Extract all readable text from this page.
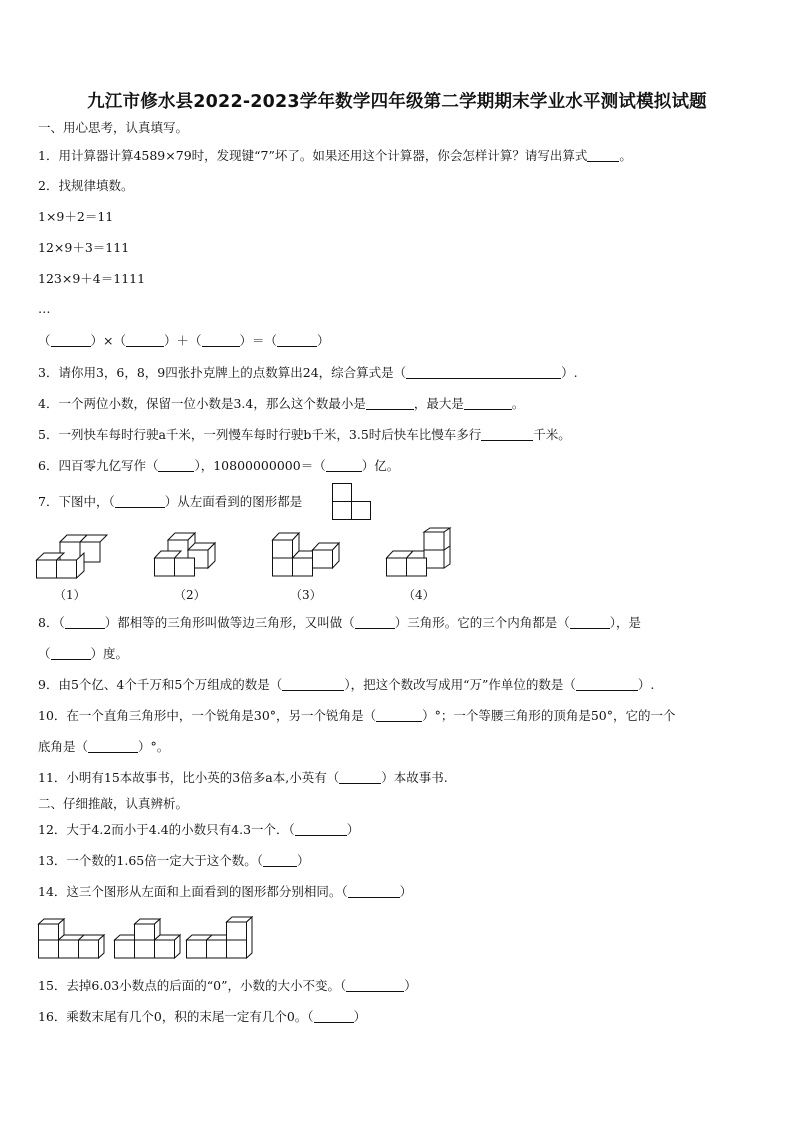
九江市修水县2022-2023学年数学四年级第二学期期末学业水平测试模拟试题
一、用心思考，认真填写。
1．用计算器计算4589×79时，发现键“7”坏了。如果还用这个计算器，你会怎样计算？请写出算式	。
2．找规律填数。
1×9＋2＝11
12×9＋3＝111
123×9＋4＝1111
…
（	）×（	）＋（	）＝（	）
3．请你用3，6，8，9四张扑克牌上的点数算出24，综合算式是（	）.
4．一个两位小数，保留一位小数是3.4，那么这个数最小是	，最大是	。
5．一列快车每时行驶a千米，一列慢车每时行驶b千米，3.5时后快车比慢车多行	千米。
6．四百零九亿写作（	），10800000000＝（	）亿。
7．下图中，（	）从左面看到的图形都是
（1）	（2）	（3）	（4）
8．（	）都相等的三角形叫做等边三角形，又叫做（	）三角形。它的三个内角都是（	），是
（	）度。
9．由5个亿、4个千万和5个万组成的数是（	），把这个数改写成用“万”作单位的数是（	）.
10．在一个直角三角形中，一个锐角是30°，另一个锐角是（	）°；一个等腰三角形的顶角是50°，它的一个
底角是（	）°。
11．小明有15本故事书，比小英的3倍多a本,小英有（	）本故事书.
二、仔细推敲，认真辨析。
12．大于4.2而小于4.4的小数只有4.3一个．（	）
13．一个数的1.65倍一定大于这个数。（	）
14．这三个图形从左面和上面看到的图形都分别相同。（	）
15．去掉6.03小数点的后面的“0”，小数的大小不变。（	）
16．乘数末尾有几个0，积的末尾一定有几个0。（	）
